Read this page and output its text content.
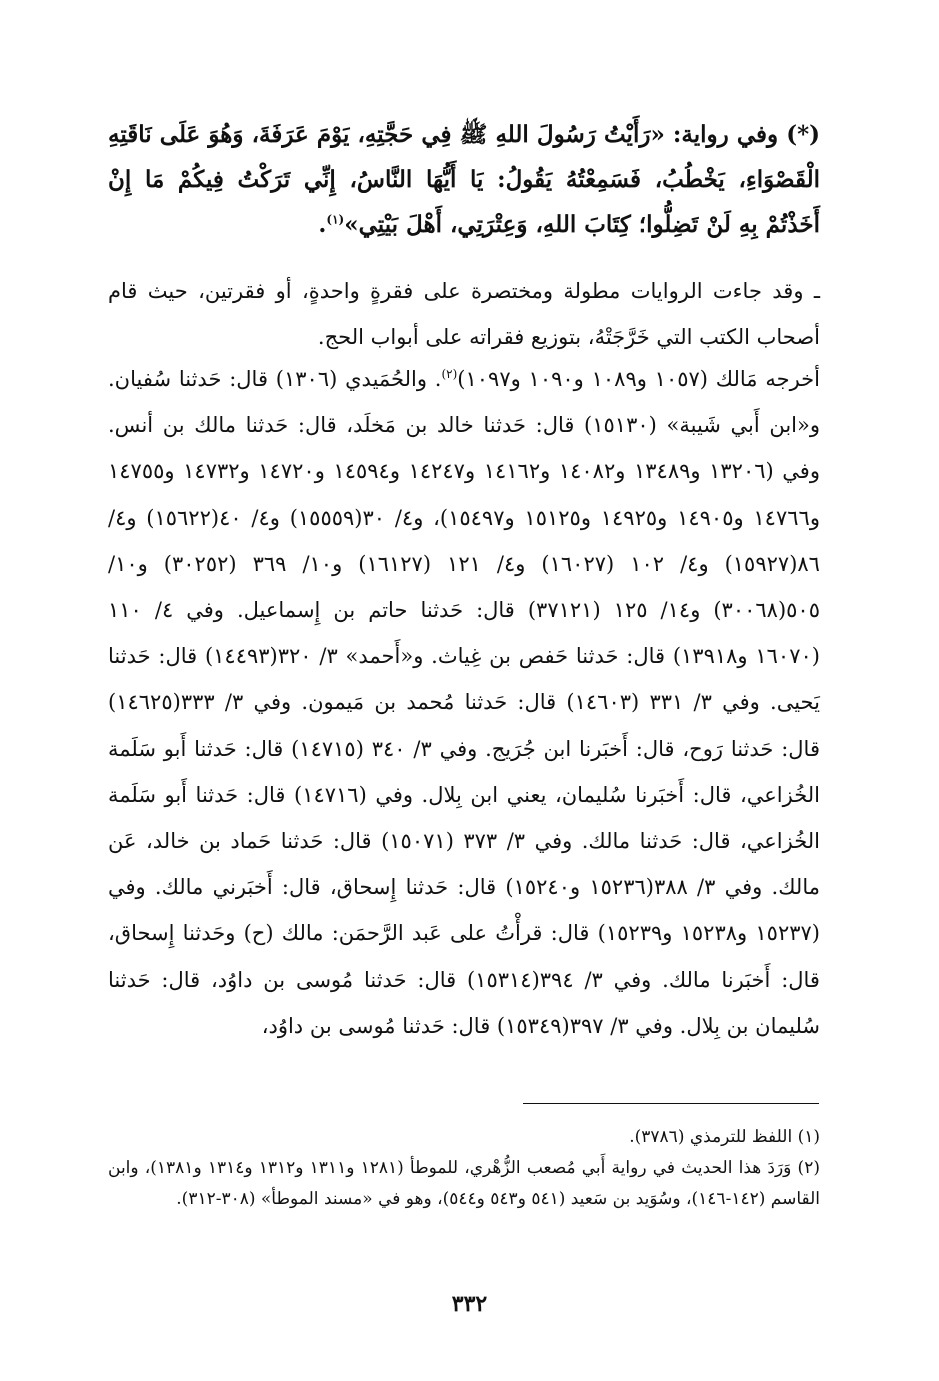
(*) وفي رواية: «رَأَيْتُ رَسُولَ اللهِ ﷺ فِي حَجَّتِهِ، يَوْمَ عَرَفَةَ، وَهُوَ عَلَى نَاقَتِهِ الْقَصْوَاءِ، يَخْطُبُ، فَسَمِعْتُهُ يَقُولُ: يَا أَيُّهَا النَّاسُ، إِنِّي تَرَكْتُ فِيكُمْ مَا إِنْ أَخَذْتُمْ بِهِ لَنْ تَضِلُّوا؛ كِتَابَ اللهِ، وَعِتْرَتِي، أَهْلَ بَيْتِي»$^{(١)}$.

ـ وقد جاءت الروايات مطولة ومختصرة على فقرةٍ واحدةٍ، أو فقرتين، حيث قام أصحاب الكتب التي خَرَّجَتْهُ، بتوزيع فقراته على أبواب الحج.

أخرجه مَالك (١٠٥٧ و١٠٨٩ و١٠٩٠ و١٠٩٧)$^{(٢)}$. والحُمَيدي (١٣٠٦) قال: حَدثنا سُفيان. و«ابن أَبي شَيبة» (١٥١٣٠) قال: حَدثنا خالد بن مَخلَد، قال: حَدثنا مالك بن أنس. وفي (١٣٢٠٦ و١٣٤٨٩ و١٤٠٨٢ و١٤١٦٢ و١٤٢٤٧ و١٤٥٩٤ و١٤٧٢٠ و١٤٧٣٢ و١٤٧٥٥ و١٤٧٦٦ و١٤٩٠٥ و١٤٩٢٥ و١٥١٢٥ و١٥٤٩٧)، و٤/ ٣٠(١٥٥٥٩) و٤/ ٤٠(١٥٦٢٢) و٤/ ٨٦(١٥٩٢٧) و٤/ ١٠٢ (١٦٠٢٧) و٤/ ١٢١ (١٦١٢٧) و١٠/ ٣٦٩ (٣٠٢٥٢) و١٠/ ٥٠٥(٣٠٠٦٨) و١٤/ ١٢٥ (٣٧١٢١) قال: حَدثنا حاتم بن إِسماعيل. وفي ٤/ ١١٠ (١٦٠٧٠ و١٣٩١٨) قال: حَدثنا حَفص بن غِياث. و«أَحمد» ٣/ ٣٢٠(١٤٤٩٣) قال: حَدثنا يَحيى. وفي ٣/ ٣٣١ (١٤٦٠٣) قال: حَدثنا مُحمد بن مَيمون. وفي ٣/ ٣٣٣(١٤٦٢٥) قال: حَدثنا رَوح، قال: أَخبَرنا ابن جُرَيج. وفي ٣/ ٣٤٠ (١٤٧١٥) قال: حَدثنا أَبو سَلَمة الخُزاعي، قال: أَخبَرنا سُليمان، يعني ابن بِلال. وفي (١٤٧١٦) قال: حَدثنا أَبو سَلَمة الخُزاعي، قال: حَدثنا مالك. وفي ٣/ ٣٧٣ (١٥٠٧١) قال: حَدثنا حَماد بن خالد، عَن مالك. وفي ٣/ ٣٨٨(١٥٢٣٦ و١٥٢٤٠) قال: حَدثنا إِسحاق، قال: أَخبَرني مالك. وفي (١٥٢٣٧ و١٥٢٣٨ و١٥٢٣٩) قال: قرأْتُ على عَبد الرَّحمَن: مالك (ح) وحَدثنا إِسحاق، قال: أَخبَرنا مالك. وفي ٣/ ٣٩٤(١٥٣١٤) قال: حَدثنا مُوسى بن داوُد، قال: حَدثنا سُليمان بن بِلال. وفي ٣/ ٣٩٧(١٥٣٤٩) قال: حَدثنا مُوسى بن داوُد،

(١) اللفظ للترمذي (٣٧٨٦).

(٢) وَرَدَ هذا الحديث في رواية أَبي مُصعب الزُّهْري، للموطأ (١٢٨١ و١٣١١ و١٣١٢ و١٣١٤ و١٣٨١)، وابن القاسم (١٤٢-١٤٦)، وسُوَيد بن سَعيد (٥٤١ و٥٤٣ و٥٤٤)، وهو في «مسند الموطأ» (٣٠٨-٣١٢).

٣٣٢
